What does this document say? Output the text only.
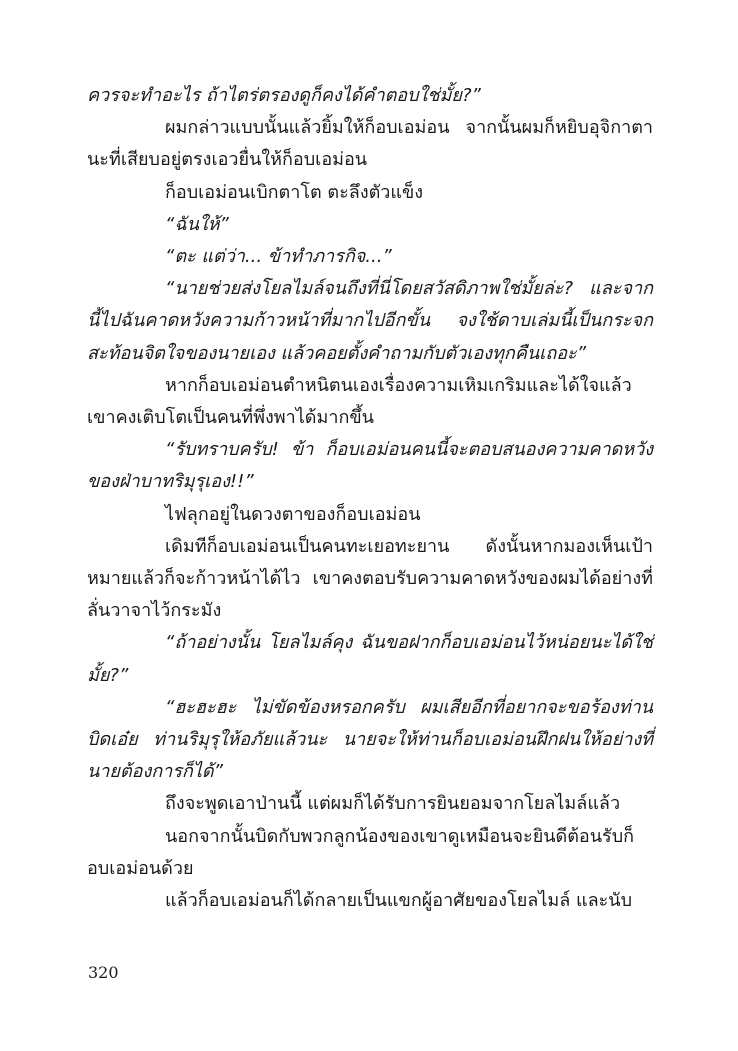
ควรจะทำอะไร ถ้าไตร่ตรองดูก็คงได้คำตอบใช่มั้ย?”

ผมกล่าวแบบนั้นแล้วยิ้มให้ก็อบเอม่อน จากนั้นผมก็หยิบอุจิกาตานะที่เสียบอยู่ตรงเอวยื่นให้ก็อบเอม่อน

ก็อบเอม่อนเบิกตาโต ตะลึงตัวแข็ง

“ฉันให้”

“ตะ แต่ว่า... ข้าทำภารกิจ...”

“นายช่วยส่งโยลไมล์จนถึงที่นี่โดยสวัสดิภาพใช่มั้ยล่ะ? และจากนี้ไปฉันคาดหวังความก้าวหน้าที่มากไปอีกขั้น จงใช้ดาบเล่มนี้เป็นกระจกสะท้อนจิตใจของนายเอง แล้วคอยตั้งคำถามกับตัวเองทุกคืนเถอะ”

หากก็อบเอม่อนตำหนิตนเองเรื่องความเหิมเกริมและได้ใจแล้ว เขาคงเติบโตเป็นคนที่พึ่งพาได้มากขึ้น

“รับทราบครับ! ข้า ก็อบเอม่อนคนนี้จะตอบสนองความคาดหวังของฝ่าบาทริมุรุเอง!!”

ไฟลุกอยู่ในดวงตาของก็อบเอม่อน

เดิมทีก็อบเอม่อนเป็นคนทะเยอทะยาน ดังนั้นหากมองเห็นเป้าหมายแล้วก็จะก้าวหน้าได้ไว เขาคงตอบรับความคาดหวังของผมได้อย่างที่ลั่นวาจาไว้กระมัง

“ถ้าอย่างนั้น โยลไมล์คุง ฉันขอฝากก็อบเอม่อนไว้หน่อยนะได้ใช่มั้ย?”

“ฮะฮะฮะ ไม่ขัดข้องหรอกครับ ผมเสียอีกที่อยากจะขอร้องท่านบิดเอ๋ย ท่านริมุรุให้อภัยแล้วนะ นายจะให้ท่านก็อบเอม่อนฝึกฝนให้อย่างที่นายต้องการก็ได้”

ถึงจะพูดเอาป่านนี้ แต่ผมก็ได้รับการยินยอมจากโยลไมล์แล้ว

นอกจากนั้นบิดกับพวกลูกน้องของเขาดูเหมือนจะยินดีต้อนรับก็อบเอม่อนด้วย

แล้วก็อบเอม่อนก็ได้กลายเป็นแขกผู้อาศัยของโยลไมล์ และนับ

320
